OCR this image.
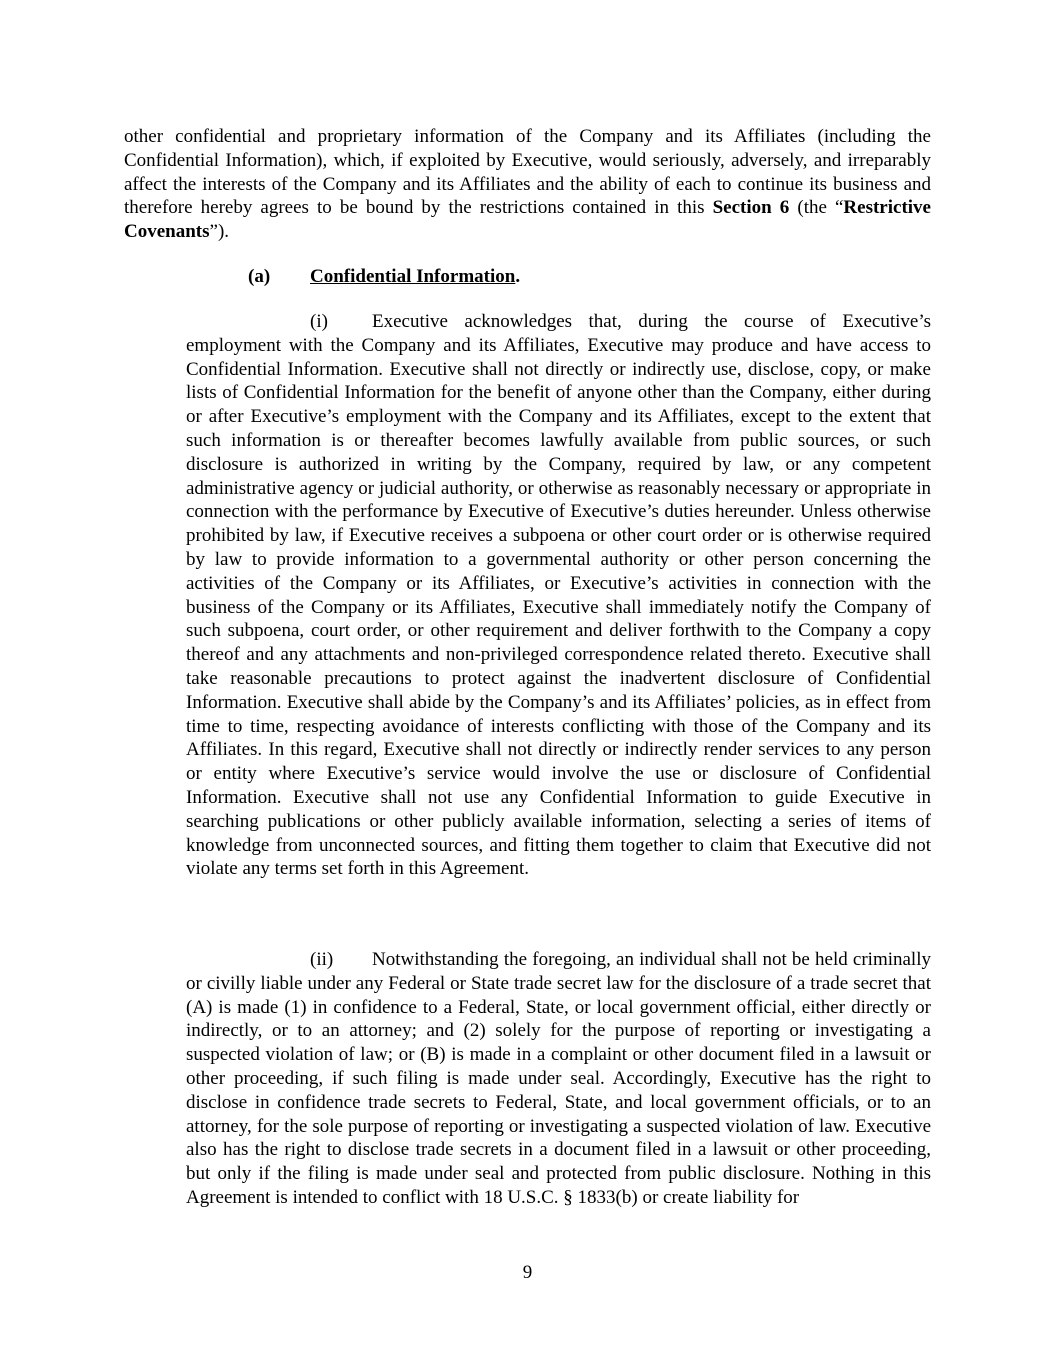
other confidential and proprietary information of the Company and its Affiliates (including the Confidential Information), which, if exploited by Executive, would seriously, adversely, and irreparably affect the interests of the Company and its Affiliates and the ability of each to continue its business and therefore hereby agrees to be bound by the restrictions contained in this Section 6 (the “Restrictive Covenants”).

(a) Confidential Information.

(i) Executive acknowledges that, during the course of Executive’s employment with the Company and its Affiliates, Executive may produce and have access to Confidential Information. Executive shall not directly or indirectly use, disclose, copy, or make lists of Confidential Information for the benefit of anyone other than the Company, either during or after Executive’s employment with the Company and its Affiliates, except to the extent that such information is or thereafter becomes lawfully available from public sources, or such disclosure is authorized in writing by the Company, required by law, or any competent administrative agency or judicial authority, or otherwise as reasonably necessary or appropriate in connection with the performance by Executive of Executive’s duties hereunder. Unless otherwise prohibited by law, if Executive receives a subpoena or other court order or is otherwise required by law to provide information to a governmental authority or other person concerning the activities of the Company or its Affiliates, or Executive’s activities in connection with the business of the Company or its Affiliates, Executive shall immediately notify the Company of such subpoena, court order, or other requirement and deliver forthwith to the Company a copy thereof and any attachments and non-privileged correspondence related thereto. Executive shall take reasonable precautions to protect against the inadvertent disclosure of Confidential Information. Executive shall abide by the Company’s and its Affiliates’ policies, as in effect from time to time, respecting avoidance of interests conflicting with those of the Company and its Affiliates. In this regard, Executive shall not directly or indirectly render services to any person or entity where Executive’s service would involve the use or disclosure of Confidential Information. Executive shall not use any Confidential Information to guide Executive in searching publications or other publicly available information, selecting a series of items of knowledge from unconnected sources, and fitting them together to claim that Executive did not violate any terms set forth in this Agreement.

(ii) Notwithstanding the foregoing, an individual shall not be held criminally or civilly liable under any Federal or State trade secret law for the disclosure of a trade secret that (A) is made (1) in confidence to a Federal, State, or local government official, either directly or indirectly, or to an attorney; and (2) solely for the purpose of reporting or investigating a suspected violation of law; or (B) is made in a complaint or other document filed in a lawsuit or other proceeding, if such filing is made under seal. Accordingly, Executive has the right to disclose in confidence trade secrets to Federal, State, and local government officials, or to an attorney, for the sole purpose of reporting or investigating a suspected violation of law. Executive also has the right to disclose trade secrets in a document filed in a lawsuit or other proceeding, but only if the filing is made under seal and protected from public disclosure. Nothing in this Agreement is intended to conflict with 18 U.S.C. § 1833(b) or create liability for

9
